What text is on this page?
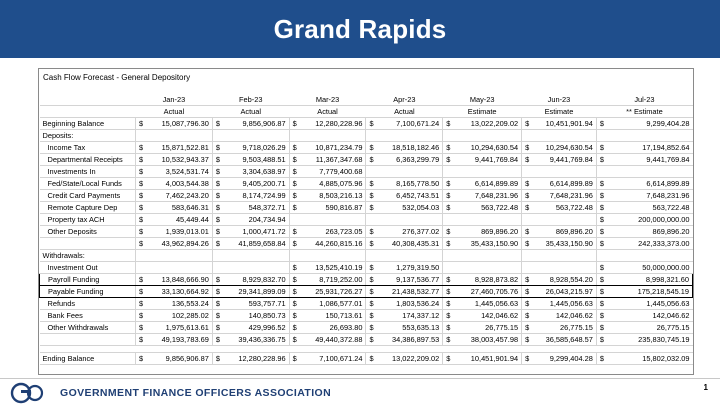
Grand Rapids
Cash Flow Forecast - General Depository
	Jan-23		Feb-23		Mar-23		Apr-23		May-23		Jun-23		Jul-23	
	Actual		Actual		Actual		Actual		Estimate		Estimate		** Estimate	
Beginning Balance	$	15,087,796.30	$	9,856,906.87	$	12,280,228.96	$	7,100,671.24	$	13,022,209.02	$	10,451,901.94	$	9,299,404.28
Deposits:														
Income Tax	$	15,871,522.81	$	9,718,026.29	$	10,871,234.79	$	18,518,182.46	$	10,294,630.54	$	10,294,630.54	$	17,194,852.64
Departmental Receipts	$	10,532,943.37	$	9,503,488.51	$	11,367,347.68	$	6,363,299.79	$	9,441,769.84	$	9,441,769.84	$	9,441,769.84
Investments In	$	3,524,531.74	$	3,304,638.97	$	7,779,400.68								
Fed/State/Local Funds	$	4,003,544.38	$	9,405,200.71	$	4,885,075.96	$	8,165,778.50	$	6,614,899.89	$	6,614,899.89	$	6,614,899.89
Credit Card Payments	$	7,462,243.20	$	8,174,724.99	$	8,503,216.13	$	6,452,743.51	$	7,648,231.96	$	7,648,231.96	$	7,648,231.96
Remote Capture Dep	$	583,646.31	$	548,372.71	$	590,816.87	$	532,054.03	$	563,722.48	$	563,722.48	$	563,722.48
Property tax ACH	$	45,449.44	$	204,734.94									$	200,000,000.00
Other Deposits	$	1,939,013.01	$	1,000,471.72	$	263,723.05	$	276,377.02	$	869,896.20	$	869,896.20	$	869,896.20
	$	43,962,894.26	$	41,859,658.84	$	44,260,815.16	$	40,308,435.31	$	35,433,150.90	$	35,433,150.90	$	242,333,373.00
Withdrawals:														
Investment Out					$	13,525,410.19	$	1,279,319.50					$	50,000,000.00
Payroll Funding	$	13,848,666.90	$	8,929,832.70	$	8,719,252.00	$	9,137,536.77	$	8,928,873.82	$	8,928,554.20	$	8,998,321.60
Payable Funding	$	33,130,664.92	$	29,341,899.09	$	25,931,726.27	$	21,438,532.77	$	27,460,705.76	$	26,043,215.97	$	175,218,545.19
Refunds	$	136,553.24	$	593,757.71	$	1,086,577.01	$	1,803,536.24	$	1,445,056.63	$	1,445,056.63	$	1,445,056.63
Bank Fees	$	102,285.02	$	140,850.73	$	150,713.61	$	174,337.12	$	142,046.62	$	142,046.62	$	142,046.62
Other Withdrawals	$	1,975,613.61	$	429,996.52	$	26,693.80	$	553,635.13	$	26,775.15	$	26,775.15	$	26,775.15
	$	49,193,783.69	$	39,436,336.75	$	49,440,372.88	$	34,386,897.53	$	38,003,457.98	$	36,585,648.57	$	235,830,745.19

Ending Balance	$	9,856,906.87	$	12,280,228.96	$	7,100,671.24	$	13,022,209.02	$	10,451,901.94	$	9,299,404.28	$	15,802,032.09
GOVERNMENT FINANCE OFFICERS ASSOCIATION	1
